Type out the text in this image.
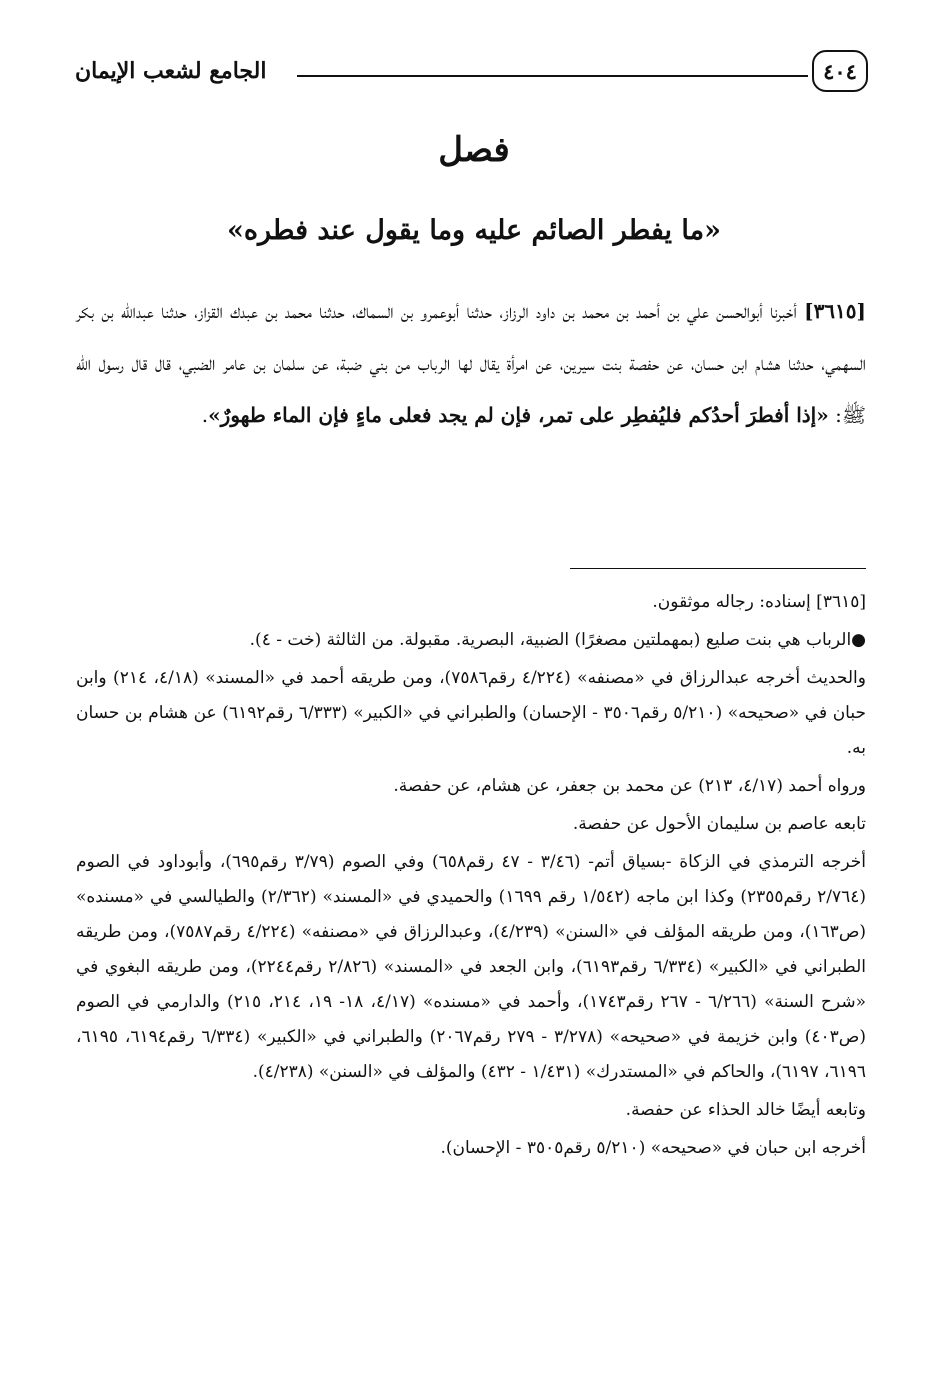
الجامع لشعب الإيمان	٤٠٤
فصل
«ما يفطر الصائم عليه وما يقول عند فطره»
[٣٦١٥] أخبرنا أبوالحسن علي بن أحمد بن محمد بن داود الرزاز، حدثنا أبوعمرو بن السماك، حدثنا محمد بن عبدك القزاز، حدثنا عبدالله بن بكر السهمي، حدثنا هشام ابن حسان، عن حفصة بنت سيرين، عن امرأة يقال لها الرباب من بني ضبة، عن سلمان بن عامر الضبي، قال قال رسول الله ﷺ: «إذا أفطرَ أحدُكم فليُفطِر على تمر، فإن لم يجد فعلى ماءٍ فإن الماء طهورٌ».

[٣٦١٥] إسناده: رجاله موثقون.

●الرباب هي بنت صليع (بمهملتين مصغرًا) الضبية، البصرية. مقبولة. من الثالثة (خت - ٤).

والحديث أخرجه عبدالرزاق في «مصنفه» (٤/٢٢٤ رقم٧٥٨٦)، ومن طريقه أحمد في «المسند» (٤/١٨، ٢١٤) وابن حبان في «صحيحه» (٥/٢١٠ رقم٣٥٠٦ - الإحسان) والطبراني في «الكبير» (٦/٣٣٣ رقم٦١٩٢) عن هشام بن حسان به.

ورواه أحمد (٤/١٧، ٢١٣) عن محمد بن جعفر، عن هشام، عن حفصة.

تابعه عاصم بن سليمان الأحول عن حفصة.

أخرجه الترمذي في الزكاة -بسياق أتم- (٣/٤٦ - ٤٧ رقم٦٥٨) وفي الصوم (٣/٧٩ رقم٦٩٥)، وأبوداود في الصوم (٢/٧٦٤ رقم٢٣٥٥) وكذا ابن ماجه (١/٥٤٢ رقم ١٦٩٩) والحميدي في «المسند» (٢/٣٦٢) والطيالسي في «مسنده» (ص١٦٣)، ومن طريقه المؤلف في «السنن» (٤/٢٣٩)، وعبدالرزاق في «مصنفه» (٤/٢٢٤ رقم٧٥٨٧)، ومن طريقه الطبراني في «الكبير» (٦/٣٣٤ رقم٦١٩٣)، وابن الجعد في «المسند» (٢/٨٢٦ رقم٢٢٤٤)، ومن طريقه البغوي في «شرح السنة» (٦/٢٦٦ - ٢٦٧ رقم١٧٤٣)، وأحمد في «مسنده» (٤/١٧، ١٨- ١٩، ٢١٤، ٢١٥) والدارمي في الصوم (ص٤٠٣) وابن خزيمة في «صحيحه» (٣/٢٧٨ - ٢٧٩ رقم٢٠٦٧) والطبراني في «الكبير» (٦/٣٣٤ رقم٦١٩٤، ٦١٩٥، ٦١٩٦، ٦١٩٧)، والحاكم في «المستدرك» (١/٤٣١ - ٤٣٢) والمؤلف في «السنن» (٤/٢٣٨).

وتابعه أيضًا خالد الحذاء عن حفصة.

أخرجه ابن حبان في «صحيحه» (٥/٢١٠ رقم٣٥٠٥ - الإحسان).
